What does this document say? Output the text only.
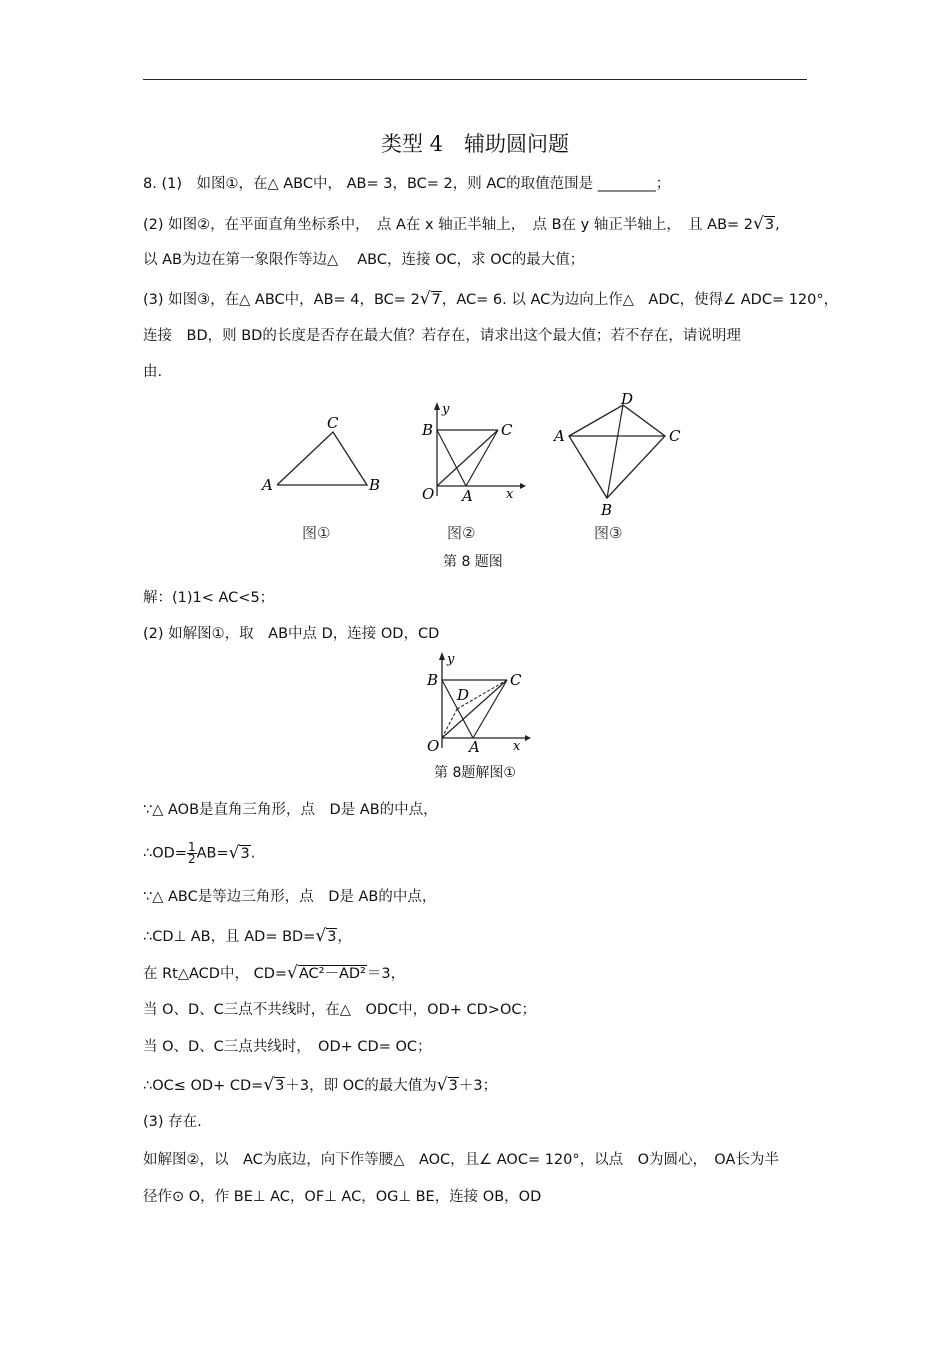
类型 4　辅助圆问题
8. (1)　如图①，在△ ABC中， AB= 3，BC= 2，则 AC的取值范围是 ________；
(2) 如图②，在平面直角坐标系中，　点 A在 x 轴正半轴上，　点 B在 y 轴正半轴上，　且 AB= 2√3,
以 AB为边在第一象限作等边△　 ABC，连接 OC，求 OC的最大值；
(3) 如图③，在△ ABC中，AB= 4，BC= 2√7，AC= 6. 以 AC为边向上作△　ADC，使得∠ ADC= 120°，
连接　BD，则 BD的长度是否存在最大值？若存在，请求出这个最大值；若不存在，请说明理
由.
A	B
C
图①
A
B	C
O	x
y
图②
A
B
C
D
图③
第 8 题图
解：(1)1< AC<5；
(2) 如解图①，取　AB中点 D，连接 OD，CD
A
B	C
D
O	x
y
第 8题解图①
∵△ AOB是直角三角形，点　D是 AB的中点，
∴OD= $\frac{1}{2} AB=√3$.
∵△ ABC是等边三角形，点　D是 AB的中点，
∴CD⊥ AB，且 AD= BD=√3，
在 Rt△ACD中， CD=√AC²－AD²＝3，
当 O、D、C三点不共线时，在△　ODC中，OD+ CD>OC；
当 O、D、C三点共线时，　OD+ CD= OC；
∴OC≤ OD+ CD=√3＋3，即 OC的最大值为√3＋3；
(3) 存在.
如解图②，以　AC为底边，向下作等腰△　AOC，且∠ AOC= 120°，以点　O为圆心，　OA长为半
径作⊙ O，作 BE⊥ AC，OF⊥ AC，OG⊥ BE，连接 OB，OD
